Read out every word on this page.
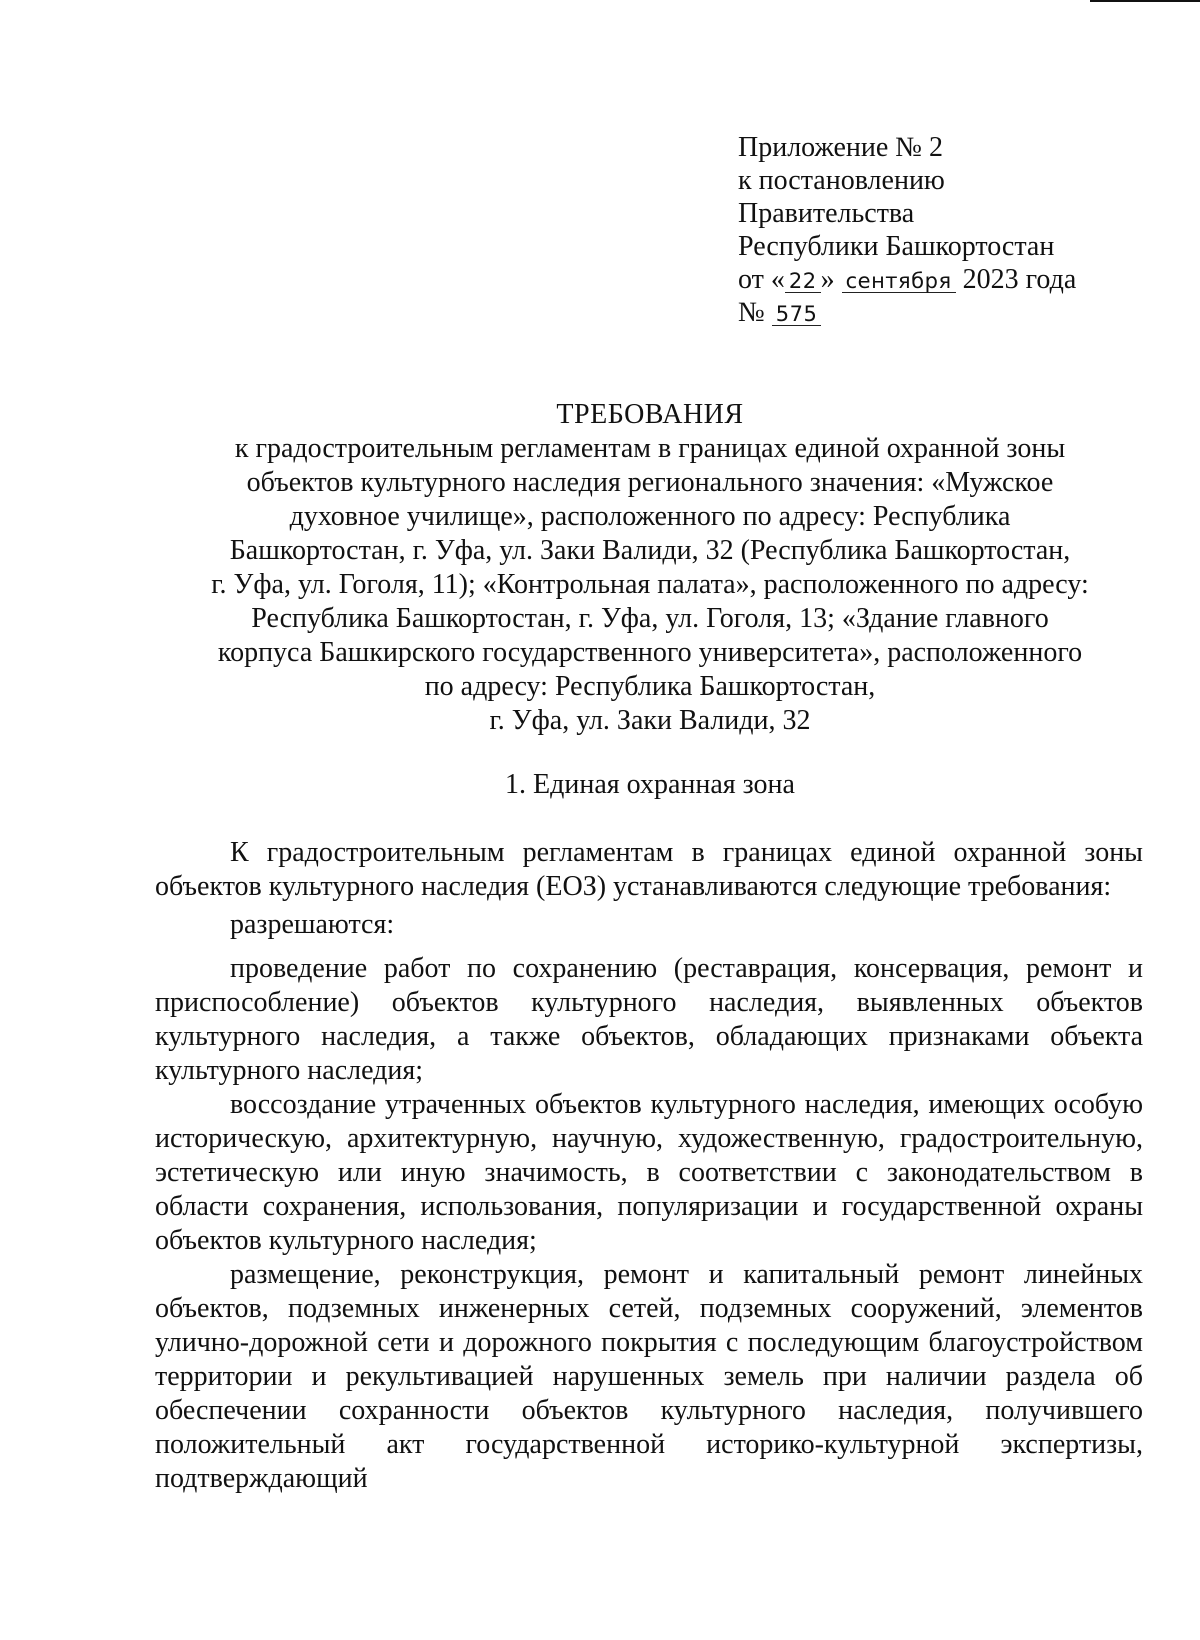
Приложение № 2
к постановлению
Правительства
Республики Башкортостан
от « 22 » сентября 2023 года
№ 575
ТРЕБОВАНИЯ
к градостроительным регламентам в границах единой охранной зоны
объектов культурного наследия регионального значения: «Мужское
духовное училище», расположенного по адресу: Республика
Башкортостан, г. Уфа, ул. Заки Валиди, 32 (Республика Башкортостан,
г. Уфа, ул. Гоголя, 11); «Контрольная палата», расположенного по адресу:
Республика Башкортостан, г. Уфа, ул. Гоголя, 13; «Здание главного
корпуса Башкирского государственного университета», расположенного
по адресу: Республика Башкортостан,
г. Уфа, ул. Заки Валиди, 32
1. Единая охранная зона

К градостроительным регламентам в границах единой охранной зоны объектов культурного наследия (ЕОЗ) устанавливаются следующие требования:

разрешаются:

проведение работ по сохранению (реставрация, консервация, ремонт и приспособление) объектов культурного наследия, выявленных объектов культурного наследия, а также объектов, обладающих признаками объекта культурного наследия;

воссоздание утраченных объектов культурного наследия, имеющих особую историческую, архитектурную, научную, художественную, градостроительную, эстетическую или иную значимость, в соответствии с законодательством в области сохранения, использования, популяризации и государственной охраны объектов культурного наследия;

размещение, реконструкция, ремонт и капитальный ремонт линейных объектов, подземных инженерных сетей, подземных сооружений, элементов улично-дорожной сети и дорожного покрытия с последующим благоустройством территории и рекультивацией нарушенных земель при наличии раздела об обеспечении сохранности объектов культурного наследия, получившего положительный акт государственной историко-культурной экспертизы, подтверждающий
